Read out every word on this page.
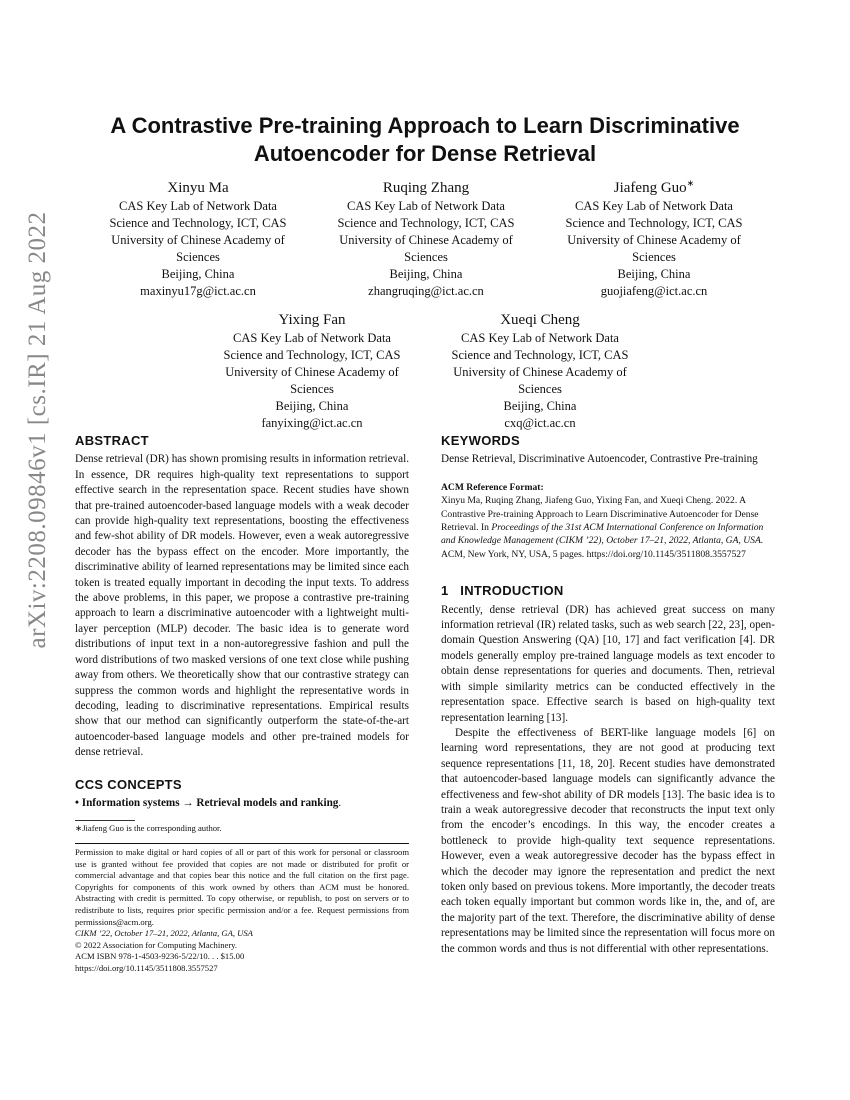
arXiv:2208.09846v1 [cs.IR] 21 Aug 2022
A Contrastive Pre-training Approach to Learn Discriminative
Autoencoder for Dense Retrieval
Xinyu Ma
CAS Key Lab of Network Data
Science and Technology, ICT, CAS
University of Chinese Academy of
Sciences
Beijing, China
maxinyu17g@ict.ac.cn
Ruqing Zhang
CAS Key Lab of Network Data
Science and Technology, ICT, CAS
University of Chinese Academy of
Sciences
Beijing, China
zhangruqing@ict.ac.cn
Jiafeng Guo∗
CAS Key Lab of Network Data
Science and Technology, ICT, CAS
University of Chinese Academy of
Sciences
Beijing, China
guojiafeng@ict.ac.cn
Yixing Fan
CAS Key Lab of Network Data
Science and Technology, ICT, CAS
University of Chinese Academy of
Sciences
Beijing, China
fanyixing@ict.ac.cn
Xueqi Cheng
CAS Key Lab of Network Data
Science and Technology, ICT, CAS
University of Chinese Academy of
Sciences
Beijing, China
cxq@ict.ac.cn
ABSTRACT

Dense retrieval (DR) has shown promising results in information retrieval. In essence, DR requires high-quality text representations to support effective search in the representation space. Recent studies have shown that pre-trained autoencoder-based language models with a weak decoder can provide high-quality text representations, boosting the effectiveness and few-shot ability of DR models. However, even a weak autoregressive decoder has the bypass effect on the encoder. More importantly, the discriminative ability of learned representations may be limited since each token is treated equally important in decoding the input texts. To address the above problems, in this paper, we propose a contrastive pre-training approach to learn a discriminative autoencoder with a lightweight multi-layer perception (MLP) decoder. The basic idea is to generate word distributions of input text in a non-autoregressive fashion and pull the word distributions of two masked versions of one text close while pushing away from others. We theoretically show that our contrastive strategy can suppress the common words and highlight the representative words in decoding, leading to discriminative representations. Empirical results show that our method can significantly outperform the state-of-the-art autoencoder-based language models and other pre-trained models for dense retrieval.

CCS CONCEPTS

• Information systems → Retrieval models and ranking.

∗Jiafeng Guo is the corresponding author.

Permission to make digital or hard copies of all or part of this work for personal or classroom use is granted without fee provided that copies are not made or distributed for profit or commercial advantage and that copies bear this notice and the full citation on the first page. Copyrights for components of this work owned by others than ACM must be honored. Abstracting with credit is permitted. To copy otherwise, or republish, to post on servers or to redistribute to lists, requires prior specific permission and/or a fee. Request permissions from permissions@acm.org.

CIKM ’22, October 17–21, 2022, Atlanta, GA, USA

© 2022 Association for Computing Machinery.

ACM ISBN 978-1-4503-9236-5/22/10. . . $15.00

https://doi.org/10.1145/3511808.3557527

KEYWORDS

Dense Retrieval, Discriminative Autoencoder, Contrastive Pre-training

ACM Reference Format:
Xinyu Ma, Ruqing Zhang, Jiafeng Guo, Yixing Fan, and Xueqi Cheng. 2022. A Contrastive Pre-training Approach to Learn Discriminative Autoencoder for Dense Retrieval. In Proceedings of the 31st ACM International Conference on Information and Knowledge Management (CIKM ’22), October 17–21, 2022, Atlanta, GA, USA. ACM, New York, NY, USA, 5 pages. https://doi.org/10.1145/3511808.3557527
1 INTRODUCTION

Recently, dense retrieval (DR) has achieved great success on many information retrieval (IR) related tasks, such as web search [22, 23], open-domain Question Answering (QA) [10, 17] and fact verification [4]. DR models generally employ pre-trained language models as text encoder to obtain dense representations for queries and documents. Then, retrieval with simple similarity metrics can be conducted effectively in the representation space. Effective search is based on high-quality text representation learning [13].

Despite the effectiveness of BERT-like language models [6] on learning word representations, they are not good at producing text sequence representations [11, 18, 20]. Recent studies have demonstrated that autoencoder-based language models can significantly advance the effectiveness and few-shot ability of DR models [13]. The basic idea is to train a weak autoregressive decoder that reconstructs the input text only from the encoder’s encodings. In this way, the encoder creates a bottleneck to provide high-quality text sequence representations. However, even a weak autoregressive decoder has the bypass effect in which the decoder may ignore the representation and predict the next token only based on previous tokens. More importantly, the decoder treats each token equally important but common words like in, the, and of, are the majority part of the text. Therefore, the discriminative ability of dense representations may be limited since the representation will focus more on the common words and thus is not differential with other representations.
